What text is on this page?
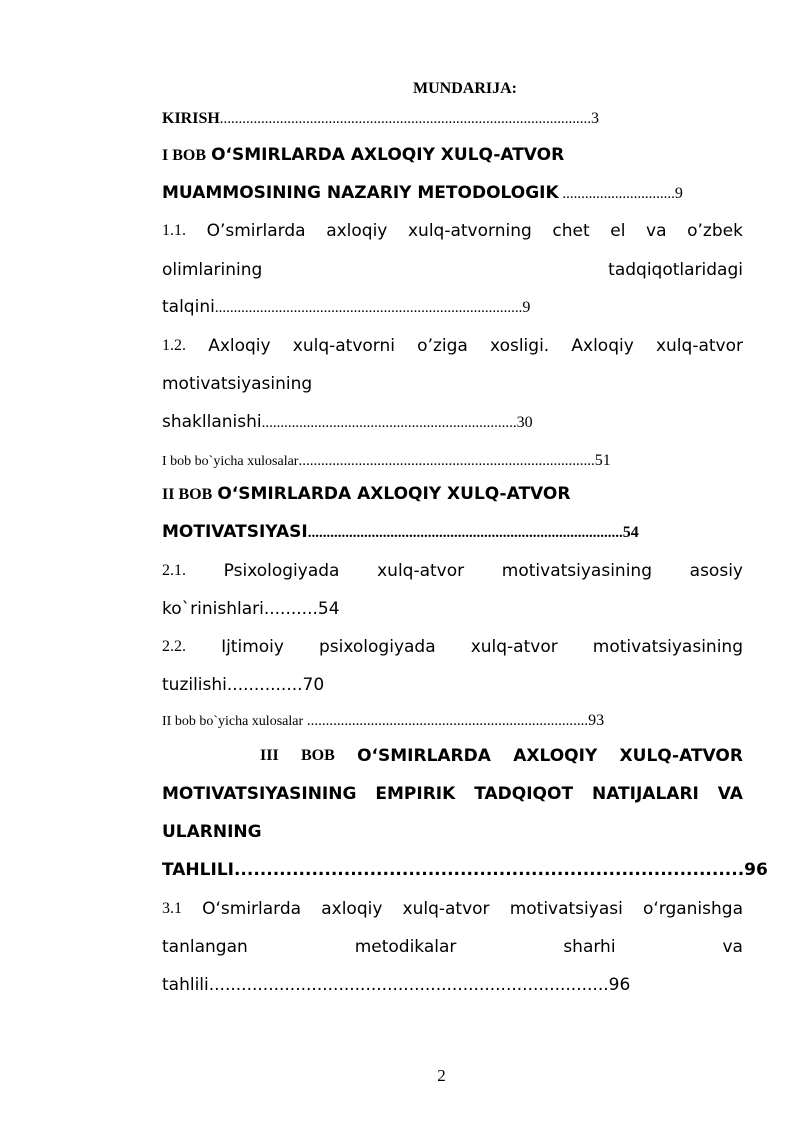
MUNDARIJA:
KIRISH...................................................................................................3
I BOB O‘SMIRLARDA AXLOQIY XULQ-ATVOR
MUAMMOSINING NAZARIY METODOLOGIK ..............................9
1.1. O’smirlarda axloqiy xulq-atvorning chet el va o’zbek
olimlarining	tadqiqotlaridagi
talqini..................................................................................9
1.2. Axloqiy xulq-atvorni o’ziga xosligi. Axloqiy xulq-atvor
motivatsiyasining
shakllanishi....................................................................30
I bob bo`yicha xulosalar...............................................................................51
II BOB O‘SMIRLARDA AXLOQIY XULQ-ATVOR
MOTIVATSIYASI....................................................................................54
2.1. Psixologiyada xulq-atvor motivatsiyasining asosiy
ko`rinishlari..........54
2.2. Ijtimoiy psixologiyada xulq-atvor motivatsiyasining
tuzilishi..............70
II bob bo`yicha xulosalar ...........................................................................93
III BOB O‘SMIRLARDA AXLOQIY XULQ-ATVOR
MOTIVATSIYASINING EMPIRIK TADQIQOT NATIJALARI VA
ULARNING
TAHLILI...............................................................................96
3.1 O‘smirlarda axloqiy xulq-atvor motivatsiyasi o‘rganishga
tanlangan	metodikalar	sharhi	va
tahlili..........................................................................96
2
